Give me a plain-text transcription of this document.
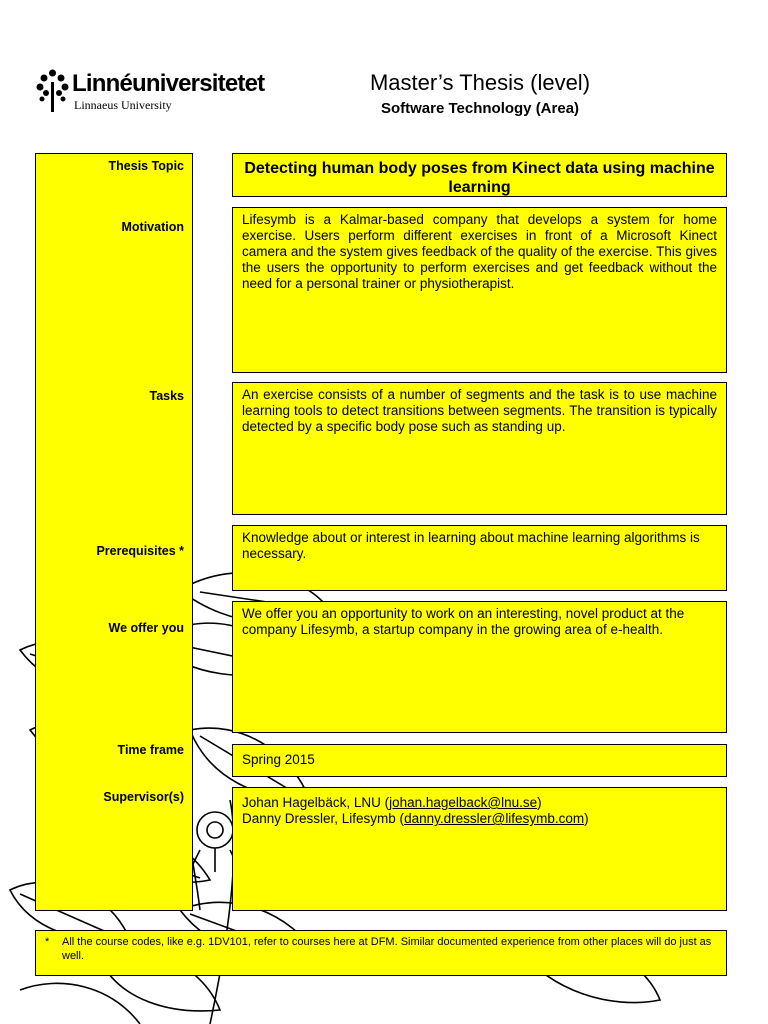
Linnéuniversitetet
Linnaeus University
Master’s Thesis (level)
Software Technology (Area)
Thesis Topic
Motivation
Tasks
Prerequisites *
We offer you
Time frame
Supervisor(s)
Detecting human body poses from Kinect data using machine learning
Lifesymb is a Kalmar-based company that develops a system for home exercise. Users perform different exercises in front of a Microsoft Kinect camera and the system gives feedback of the quality of the exercise. This gives the users the opportunity to perform exercises and get feedback without the need for a personal trainer or physiotherapist.
An exercise consists of a number of segments and the task is to use machine learning tools to detect transitions between segments. The transition is typically detected by a specific body pose such as standing up.
Knowledge about or interest in learning about machine learning algorithms is necessary.
We offer you an opportunity to work on an interesting, novel product at the company Lifesymb, a startup company in the growing area of e-health.
Spring 2015
Johan Hagelbäck, LNU (johan.hagelback@lnu.se)
Danny Dressler, Lifesymb (danny.dressler@lifesymb.com)
* All the course codes, like e.g. 1DV101, refer to courses here at DFM. Similar documented experience from other places will do just as well.
